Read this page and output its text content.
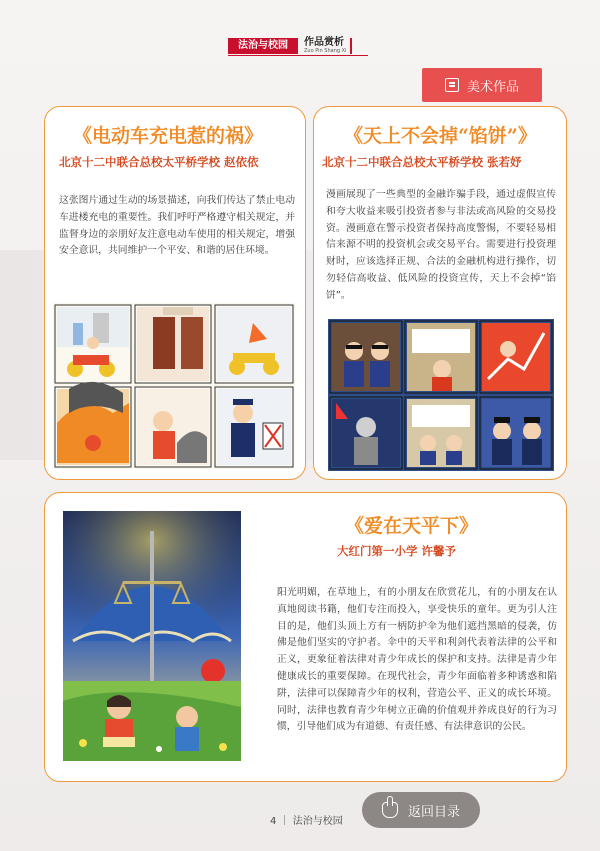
法治与校园	作品赏析
Zuo Pin Shang Xi
美术作品
《电动车充电惹的祸》
北京十二中联合总校太平桥学校 赵依依
这张图片通过生动的场景描述，向我们传达了禁止电动车进楼充电的重要性。我们呼吁严格遵守相关规定，并监督身边的亲朋好友注意电动车使用的相关规定，增强安全意识，共同维护一个平安、和谐的居住环境。
《天上不会掉“馅饼”》
北京十二中联合总校太平桥学校 张若妤
漫画展现了一些典型的金融诈骗手段，通过虚假宣传和夸大收益来吸引投资者参与非法或高风险的交易投资。漫画意在警示投资者保持高度警惕，不要轻易相信来源不明的投资机会或交易平台。需要进行投资理财时，应该选择正规、合法的金融机构进行操作，切勿轻信高收益、低风险的投资宣传，天上不会掉“馅饼”。
《爱在天平下》
大红门第一小学 许馨予
阳光明媚，在草地上，有的小朋友在欣赏花儿，有的小朋友在认真地阅读书籍，他们专注而投入，享受快乐的童年。更为引人注目的是，他们头顶上方有一柄防护伞为他们遮挡黑暗的侵袭，仿佛是他们坚实的守护者。伞中的天平和利剑代表着法律的公平和正义，更象征着法律对青少年成长的保护和支持。法律是青少年健康成长的重要保障。在现代社会，青少年面临着多种诱惑和陷阱，法律可以保障青少年的权利，营造公平、正义的成长环境。同时，法律也教育青少年树立正确的价值观并养成良好的行为习惯，引导他们成为有道德、有责任感、有法律意识的公民。
4 ｜ 法治与校园
返回目录
